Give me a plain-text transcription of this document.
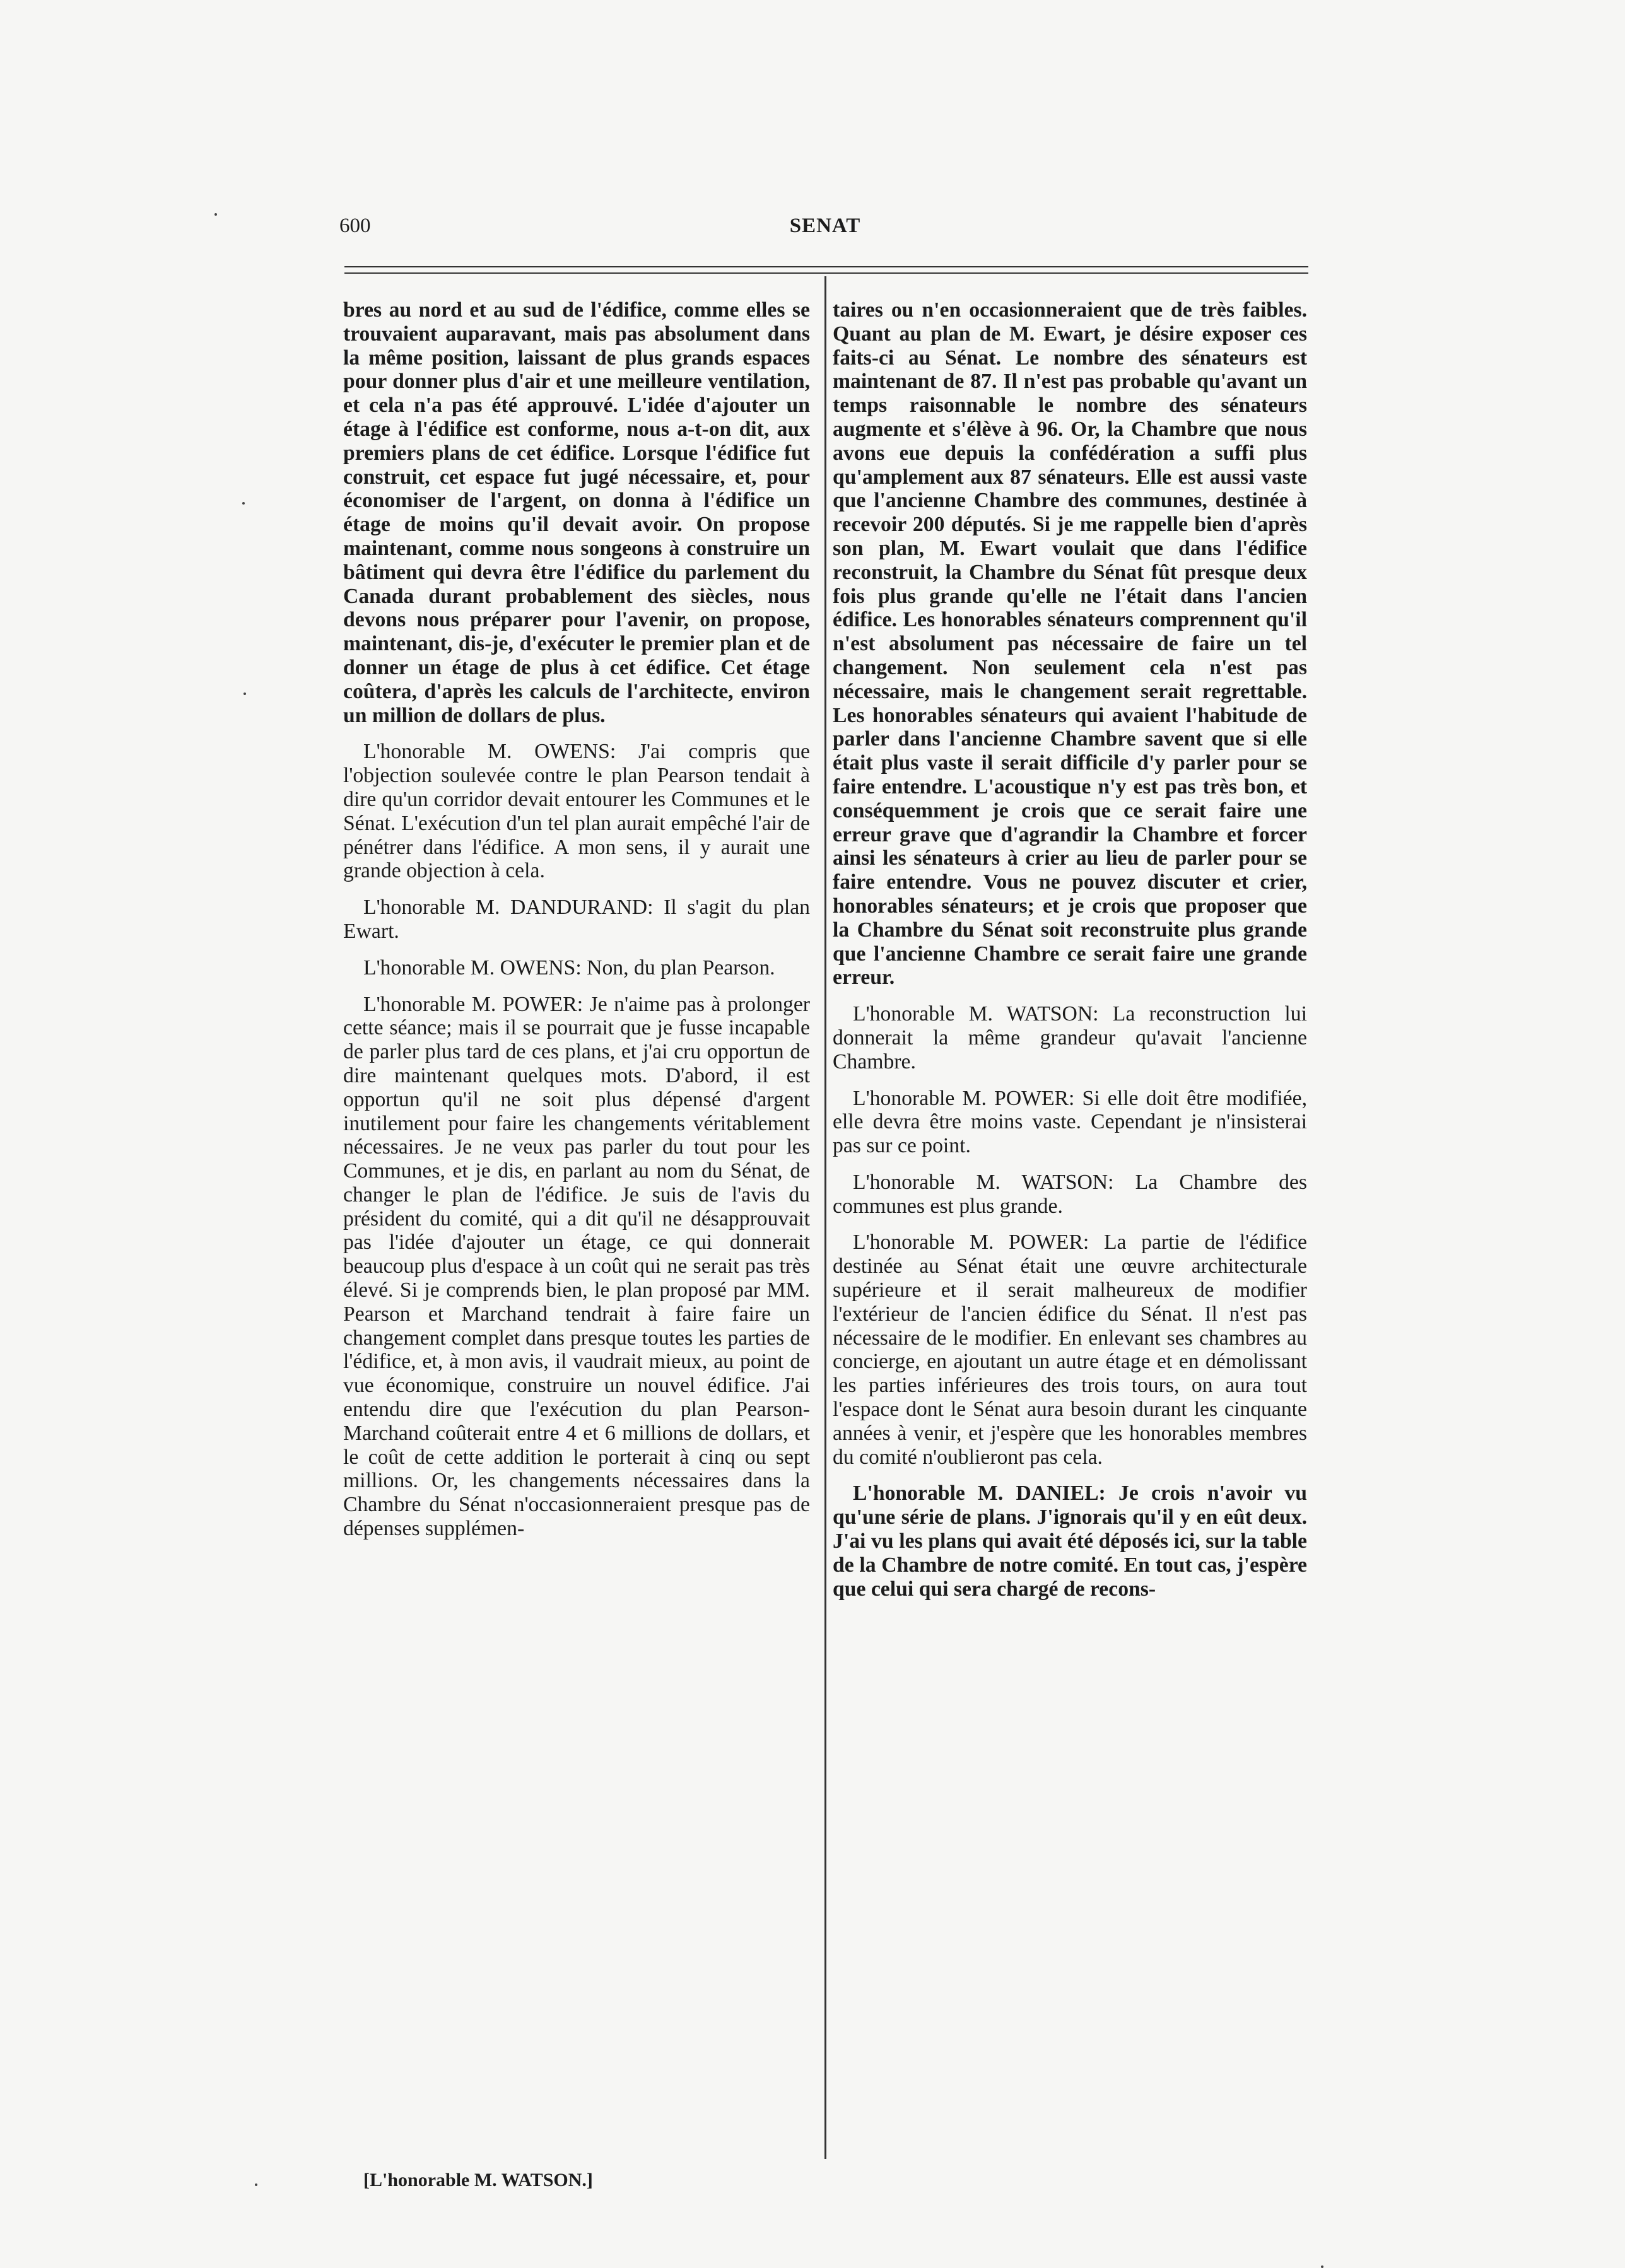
600	SENAT

bres au nord et au sud de l'édifice, comme elles se trouvaient auparavant, mais pas absolument dans la même position, laissant de plus grands espaces pour donner plus d'air et une meilleure ventilation, et cela n'a pas été approuvé. L'idée d'ajouter un étage à l'édifice est conforme, nous a-t-on dit, aux premiers plans de cet édifice. Lorsque l'édifice fut construit, cet espace fut jugé nécessaire, et, pour économiser de l'argent, on donna à l'édifice un étage de moins qu'il devait avoir. On propose maintenant, comme nous songeons à construire un bâtiment qui devra être l'édifice du parlement du Canada durant probablement des siècles, nous devons nous préparer pour l'avenir, on propose, maintenant, dis-je, d'exécuter le premier plan et de donner un étage de plus à cet édifice. Cet étage coûtera, d'après les calculs de l'architecte, environ un million de dollars de plus.

L'honorable M. OWENS: J'ai compris que l'objection soulevée contre le plan Pearson tendait à dire qu'un corridor devait entourer les Communes et le Sénat. L'exécution d'un tel plan aurait empêché l'air de pénétrer dans l'édifice. A mon sens, il y aurait une grande objection à cela.

L'honorable M. DANDURAND: Il s'agit du plan Ewart.

L'honorable M. OWENS: Non, du plan Pearson.

L'honorable M. POWER: Je n'aime pas à prolonger cette séance; mais il se pourrait que je fusse incapable de parler plus tard de ces plans, et j'ai cru opportun de dire maintenant quelques mots. D'abord, il est opportun qu'il ne soit plus dépensé d'argent inutilement pour faire les changements véritablement nécessaires. Je ne veux pas parler du tout pour les Communes, et je dis, en parlant au nom du Sénat, de changer le plan de l'édifice. Je suis de l'avis du président du comité, qui a dit qu'il ne désapprouvait pas l'idée d'ajouter un étage, ce qui donnerait beaucoup plus d'espace à un coût qui ne serait pas très élevé. Si je comprends bien, le plan proposé par MM. Pearson et Marchand tendrait à faire faire un changement complet dans presque toutes les parties de l'édifice, et, à mon avis, il vaudrait mieux, au point de vue économique, construire un nouvel édifice. J'ai entendu dire que l'exécution du plan Pearson-Marchand coûterait entre 4 et 6 millions de dollars, et le coût de cette addition le porterait à cinq ou sept millions. Or, les changements nécessaires dans la Chambre du Sénat n'occasionneraient presque pas de dépenses supplémen-

taires ou n'en occasionneraient que de très faibles. Quant au plan de M. Ewart, je désire exposer ces faits-ci au Sénat. Le nombre des sénateurs est maintenant de 87. Il n'est pas probable qu'avant un temps raisonnable le nombre des sénateurs augmente et s'élève à 96. Or, la Chambre que nous avons eue depuis la confédération a suffi plus qu'amplement aux 87 sénateurs. Elle est aussi vaste que l'ancienne Chambre des communes, destinée à recevoir 200 députés. Si je me rappelle bien d'après son plan, M. Ewart voulait que dans l'édifice reconstruit, la Chambre du Sénat fût presque deux fois plus grande qu'elle ne l'était dans l'ancien édifice. Les honorables sénateurs comprennent qu'il n'est absolument pas nécessaire de faire un tel changement. Non seulement cela n'est pas nécessaire, mais le changement serait regrettable. Les honorables sénateurs qui avaient l'habitude de parler dans l'ancienne Chambre savent que si elle était plus vaste il serait difficile d'y parler pour se faire entendre. L'acoustique n'y est pas très bon, et conséquemment je crois que ce serait faire une erreur grave que d'agrandir la Chambre et forcer ainsi les sénateurs à crier au lieu de parler pour se faire entendre. Vous ne pouvez discuter et crier, honorables sénateurs; et je crois que proposer que la Chambre du Sénat soit reconstruite plus grande que l'ancienne Chambre ce serait faire une grande erreur.

L'honorable M. WATSON: La reconstruction lui donnerait la même grandeur qu'avait l'ancienne Chambre.

L'honorable M. POWER: Si elle doit être modifiée, elle devra être moins vaste. Cependant je n'insisterai pas sur ce point.

L'honorable M. WATSON: La Chambre des communes est plus grande.

L'honorable M. POWER: La partie de l'édifice destinée au Sénat était une œuvre architecturale supérieure et il serait malheureux de modifier l'extérieur de l'ancien édifice du Sénat. Il n'est pas nécessaire de le modifier. En enlevant ses chambres au concierge, en ajoutant un autre étage et en démolissant les parties inférieures des trois tours, on aura tout l'espace dont le Sénat aura besoin durant les cinquante années à venir, et j'espère que les honorables membres du comité n'oublieront pas cela.

L'honorable M. DANIEL: Je crois n'avoir vu qu'une série de plans. J'ignorais qu'il y en eût deux. J'ai vu les plans qui avait été déposés ici, sur la table de la Chambre de notre comité. En tout cas, j'espère que celui qui sera chargé de recons-

[L'honorable M. WATSON.]
